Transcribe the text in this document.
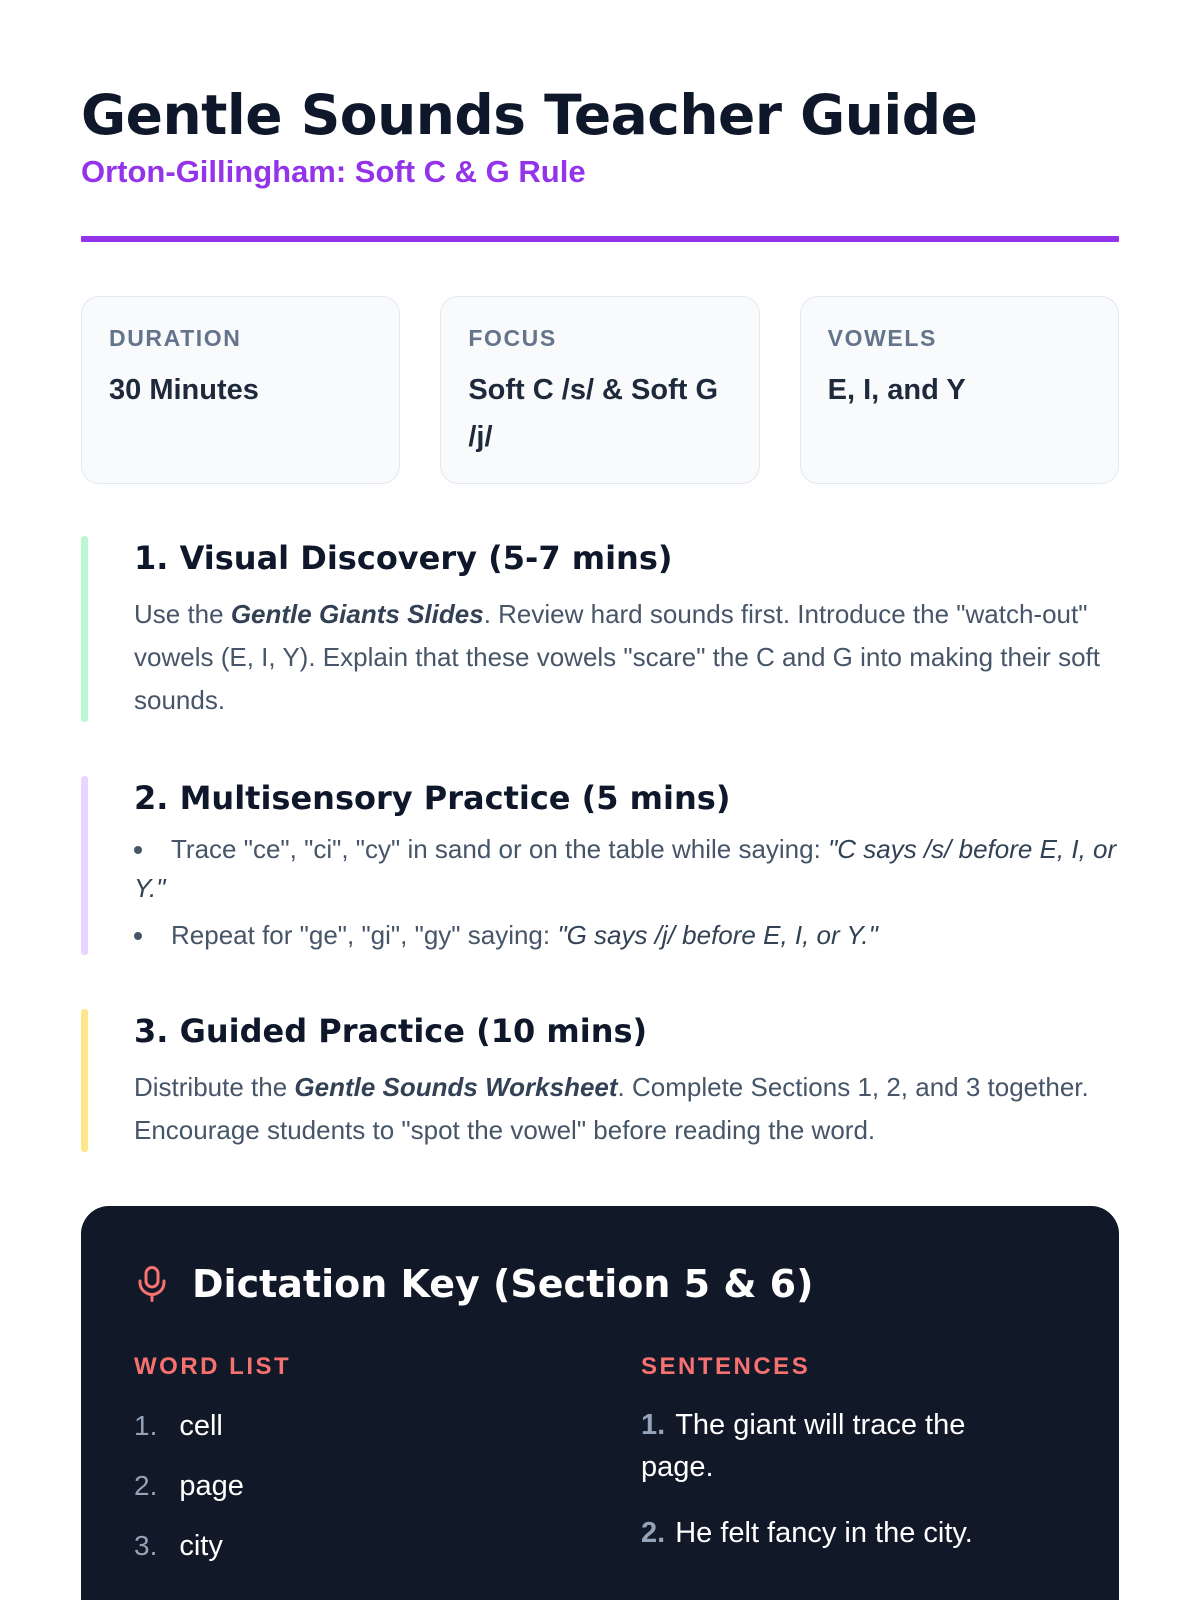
Gentle Sounds Teacher Guide
Orton-Gillingham: Soft C & G Rule
DURATION
30 Minutes
FOCUS
Soft C /s/ & Soft G /j/
VOWELS
E, I, and Y
1. Visual Discovery (5-7 mins)

Use the Gentle Giants Slides. Review hard sounds first. Introduce the "watch-out" vowels (E, I, Y). Explain that these vowels "scare" the C and G into making their soft sounds.

2. Multisensory Practice (5 mins)
Trace "ce", "ci", "cy" in sand or on the table while saying: "C says /s/ before E, I, or Y."
Repeat for "ge", "gi", "gy" saying: "G says /j/ before E, I, or Y."
3. Guided Practice (10 mins)

Distribute the Gentle Sounds Worksheet. Complete Sections 1, 2, and 3 together. Encourage students to "spot the vowel" before reading the word.

Dictation Key (Section 5 & 6)
WORD LIST
1. cell
2. page
3. city
SENTENCES
1. The giant will trace the page.
2. He felt fancy in the city.
